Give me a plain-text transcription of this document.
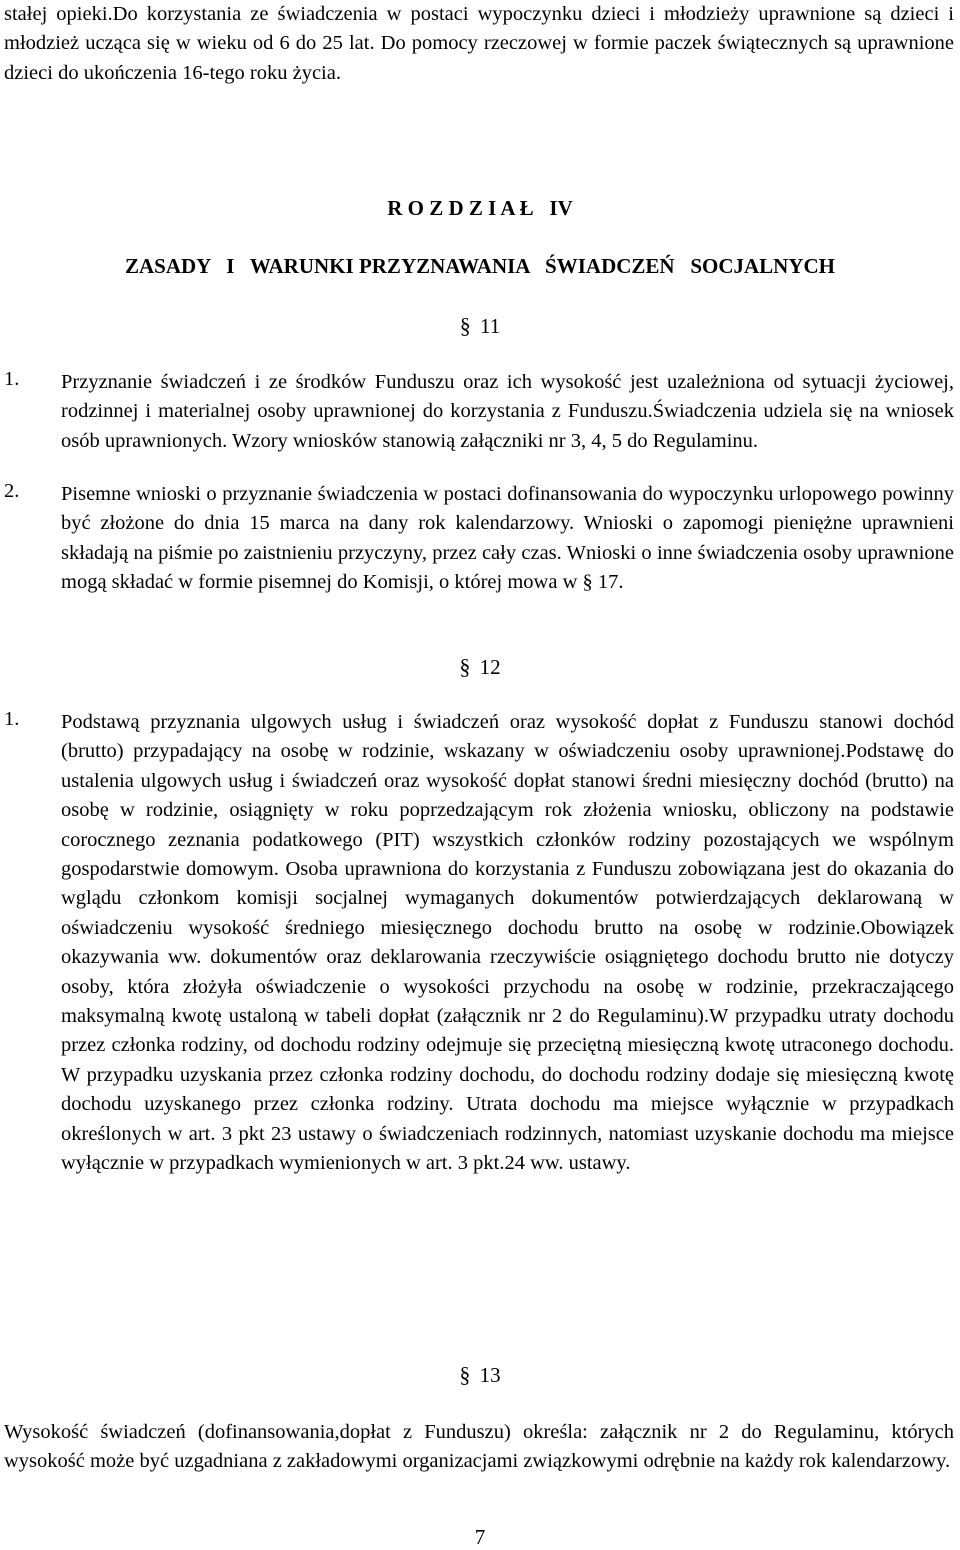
stałej opieki.Do korzystania ze świadczenia w postaci wypoczynku dzieci i młodzieży uprawnione są dzieci i młodzież ucząca się w wieku od 6 do 25 lat. Do pomocy rzeczowej w formie paczek świątecznych są uprawnione dzieci do ukończenia 16-tego roku życia.

R O Z D Z I A Ł   IV

ZASADY   I   WARUNKI PRZYZNAWANIA   ŚWIADCZEŃ   SOCJALNYCH

§ 11

1. Przyznanie świadczeń i ze środków Funduszu oraz ich wysokość jest uzależniona od sytuacji życiowej, rodzinnej i materialnej osoby uprawnionej do korzystania z Funduszu.Świadczenia udziela się na wniosek osób uprawnionych. Wzory wniosków stanowią załączniki nr 3, 4, 5 do Regulaminu.

2. Pisemne wnioski o przyznanie świadczenia w postaci dofinansowania do wypoczynku urlopowego powinny być złożone do dnia 15 marca na dany rok kalendarzowy. Wnioski o zapomogi pieniężne uprawnieni składają na piśmie po zaistnieniu przyczyny, przez cały czas. Wnioski o inne świadczenia osoby uprawnione mogą składać w formie pisemnej do Komisji, o której mowa w § 17.

§ 12

1. Podstawą przyznania ulgowych usług i świadczeń oraz wysokość dopłat z Funduszu stanowi dochód (brutto) przypadający na osobę w rodzinie, wskazany w oświadczeniu osoby uprawnionej.Podstawę do ustalenia ulgowych usług i świadczeń oraz wysokość dopłat stanowi średni miesięczny dochód (brutto) na osobę w rodzinie, osiągnięty w roku poprzedzającym rok złożenia wniosku, obliczony na podstawie corocznego zeznania podatkowego (PIT) wszystkich członków rodziny pozostających we wspólnym gospodarstwie domowym. Osoba uprawniona do korzystania z Funduszu zobowiązana jest do okazania do wglądu członkom komisji socjalnej wymaganych dokumentów potwierdzających deklarowaną w oświadczeniu wysokość średniego miesięcznego dochodu brutto na osobę w rodzinie.Obowiązek okazywania ww. dokumentów oraz deklarowania rzeczywiście osiągniętego dochodu brutto nie dotyczy osoby, która złożyła oświadczenie o wysokości przychodu na osobę w rodzinie, przekraczającego maksymalną kwotę ustaloną w tabeli dopłat (załącznik nr 2 do Regulaminu).W przypadku utraty dochodu przez członka rodziny, od dochodu rodziny odejmuje się przeciętną miesięczną kwotę utraconego dochodu. W przypadku uzyskania przez członka rodziny dochodu, do dochodu rodziny dodaje się miesięczną kwotę dochodu uzyskanego przez członka rodziny. Utrata dochodu ma miejsce wyłącznie w przypadkach określonych w art. 3 pkt 23 ustawy o świadczeniach rodzinnych, natomiast uzyskanie dochodu ma miejsce wyłącznie w przypadkach wymienionych w art. 3 pkt.24 ww. ustawy.

§ 13

Wysokość świadczeń (dofinansowania,dopłat z Funduszu) określa: załącznik nr 2 do Regulaminu, których wysokość może być uzgadniana z zakładowymi organizacjami związkowymi odrębnie na każdy rok kalendarzowy.

7
